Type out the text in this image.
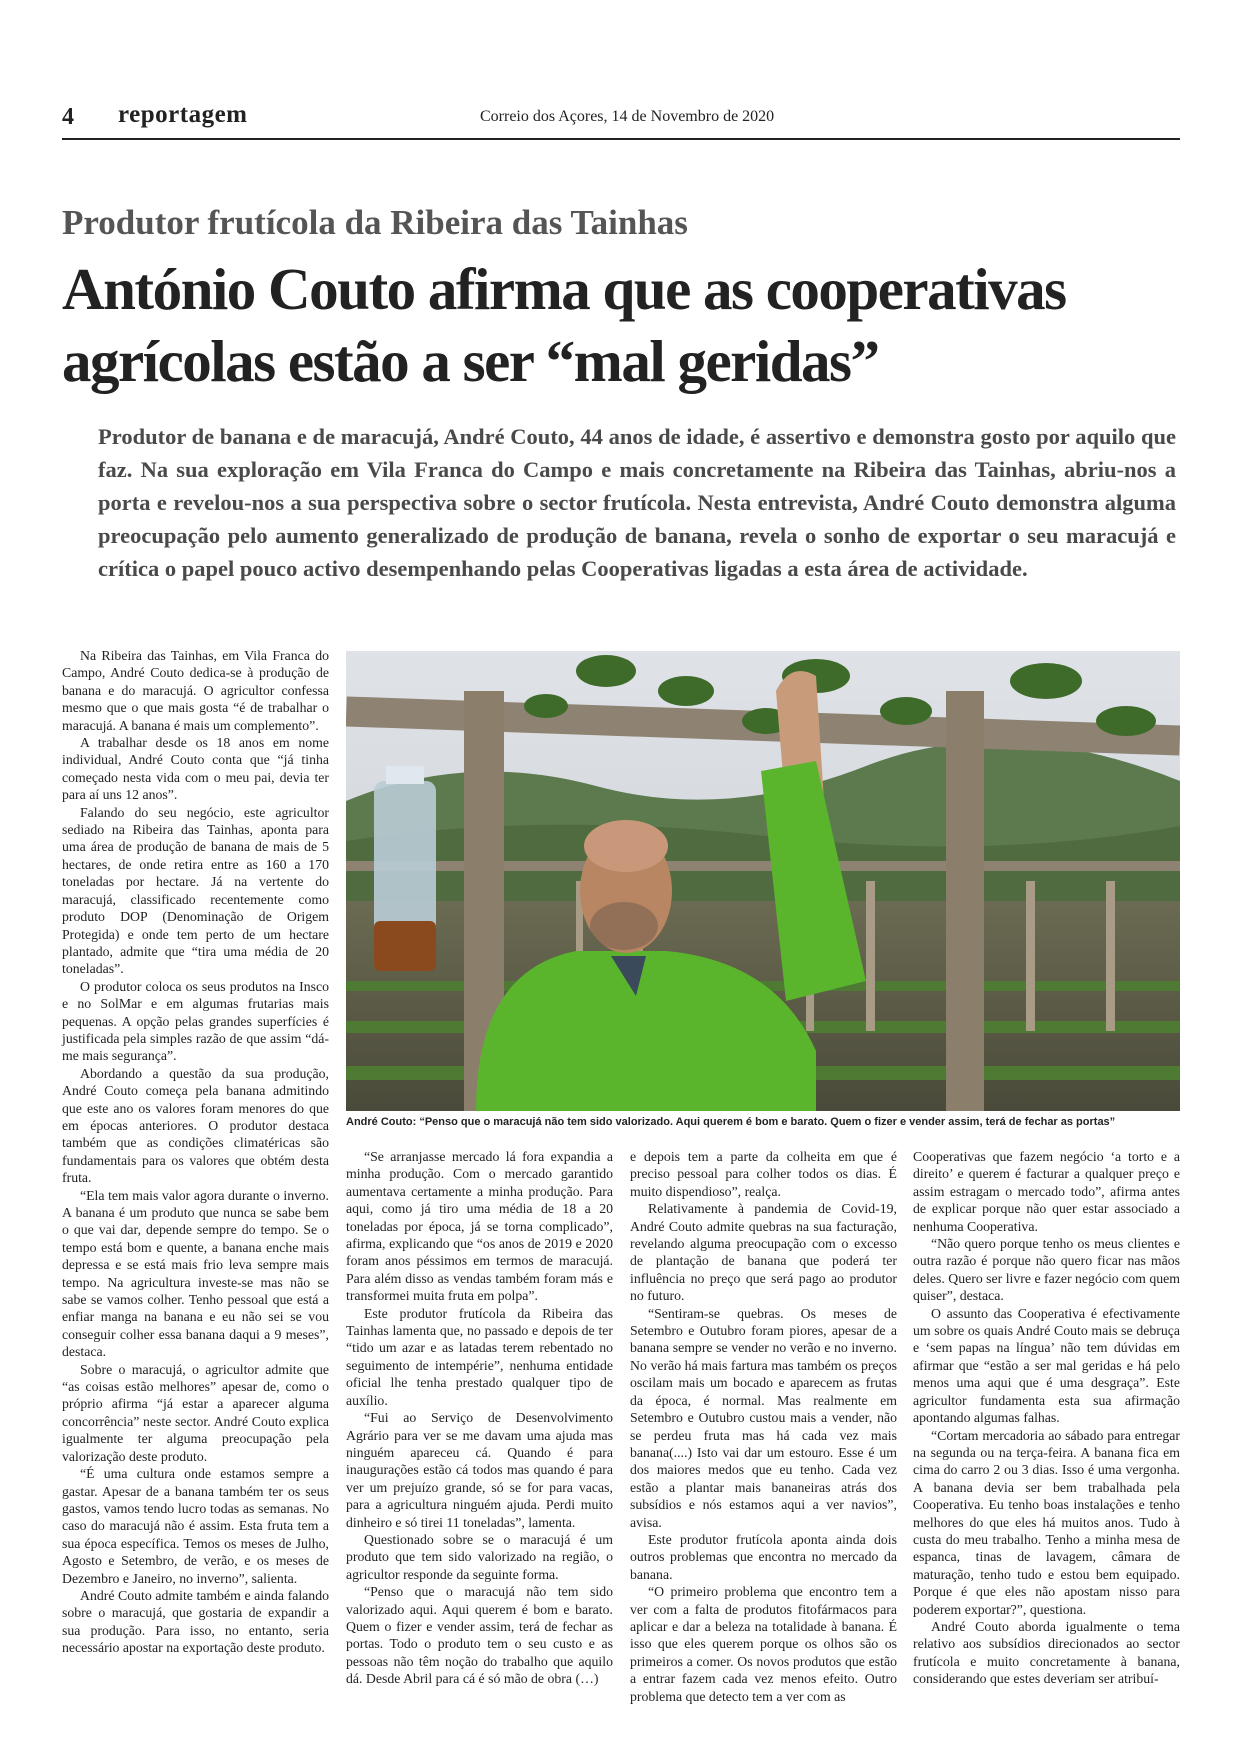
4 reportagem	Correio dos Açores, 14 de Novembro de 2020
Produtor frutícola da Ribeira das Tainhas
António Couto afirma que as cooperativas agrícolas estão a ser “mal geridas”

Produtor de banana e de maracujá, André Couto, 44 anos de idade, é assertivo e demonstra gosto por aquilo que faz. Na sua exploração em Vila Franca do Campo e mais concretamente na Ribeira das Tainhas, abriu-nos a porta e revelou-nos a sua perspectiva sobre o sector frutícola. Nesta entrevista, André Couto demonstra alguma preocupação pelo aumento generalizado de produção de banana, revela o sonho de exportar o seu maracujá e crítica o papel pouco activo desempenhando pelas Cooperativas ligadas a esta área de actividade.

Na Ribeira das Tainhas, em Vila Franca do Campo, André Couto dedica-se à produção de banana e do maracujá. O agricultor confessa mesmo que o que mais gosta “é de trabalhar o maracujá. A banana é mais um complemento”.

A trabalhar desde os 18 anos em nome individual, André Couto conta que “já tinha começado nesta vida com o meu pai, devia ter para aí uns 12 anos”.

Falando do seu negócio, este agricultor sediado na Ribeira das Tainhas, aponta para uma área de produção de banana de mais de 5 hectares, de onde retira entre as 160 a 170 toneladas por hectare. Já na vertente do maracujá, classificado recentemente como produto DOP (Denominação de Origem Protegida) e onde tem perto de um hectare plantado, admite que “tira uma média de 20 toneladas”.

O produtor coloca os seus produtos na Insco e no SolMar e em algumas frutarias mais pequenas. A opção pelas grandes superfícies é justificada pela simples razão de que assim “dá-me mais segurança”.

Abordando a questão da sua produção, André Couto começa pela banana admitindo que este ano os valores foram menores do que em épocas anteriores. O produtor destaca também que as condições climatéricas são fundamentais para os valores que obtém desta fruta.

“Ela tem mais valor agora durante o inverno. A banana é um produto que nunca se sabe bem o que vai dar, depende sempre do tempo. Se o tempo está bom e quente, a banana enche mais depressa e se está mais frio leva sempre mais tempo. Na agricultura investe-se mas não se sabe se vamos colher. Tenho pessoal que está a enfiar manga na banana e eu não sei se vou conseguir colher essa banana daqui a 9 meses”, destaca.

Sobre o maracujá, o agricultor admite que “as coisas estão melhores” apesar de, como o próprio afirma “já estar a aparecer alguma concorrência” neste sector. André Couto explica igualmente ter alguma preocupação pela valorização deste produto.

“É uma cultura onde estamos sempre a gastar. Apesar de a banana também ter os seus gastos, vamos tendo lucro todas as semanas. No caso do maracujá não é assim. Esta fruta tem a sua época específica. Temos os meses de Julho, Agosto e Setembro, de verão, e os meses de Dezembro e Janeiro, no inverno”, salienta.

André Couto admite também e ainda falando sobre o maracujá, que gostaria de expandir a sua produção. Para isso, no entanto, seria necessário apostar na exportação deste produto.

André Couto: “Penso que o maracujá não tem sido valorizado. Aqui querem é bom e barato. Quem o fizer e vender assim, terá de fechar as portas”

“Se arranjasse mercado lá fora expandia a minha produção. Com o mercado garantido aumentava certamente a minha produção. Para aqui, como já tiro uma média de 18 a 20 toneladas por época, já se torna complicado”, afirma, explicando que “os anos de 2019 e 2020 foram anos péssimos em termos de maracujá. Para além disso as vendas também foram más e transformei muita fruta em polpa”.

Este produtor frutícola da Ribeira das Tainhas lamenta que, no passado e depois de ter “tido um azar e as latadas terem rebentado no seguimento de intempérie”, nenhuma entidade oficial lhe tenha prestado qualquer tipo de auxílio.

“Fui ao Serviço de Desenvolvimento Agrário para ver se me davam uma ajuda mas ninguém apareceu cá. Quando é para inaugurações estão cá todos mas quando é para ver um prejuízo grande, só se for para vacas, para a agricultura ninguém ajuda. Perdi muito dinheiro e só tirei 11 toneladas”, lamenta.

Questionado sobre se o maracujá é um produto que tem sido valorizado na região, o agricultor responde da seguinte forma.

“Penso que o maracujá não tem sido valorizado aqui. Aqui querem é bom e barato. Quem o fizer e vender assim, terá de fechar as portas. Todo o produto tem o seu custo e as pessoas não têm noção do trabalho que aquilo dá. Desde Abril para cá é só mão de obra (…)

e depois tem a parte da colheita em que é preciso pessoal para colher todos os dias. É muito dispendioso”, realça.

Relativamente à pandemia de Covid-19, André Couto admite quebras na sua facturação, revelando alguma preocupação com o excesso de plantação de banana que poderá ter influência no preço que será pago ao produtor no futuro.

“Sentiram-se quebras. Os meses de Setembro e Outubro foram piores, apesar de a banana sempre se vender no verão e no inverno. No verão há mais fartura mas também os preços oscilam mais um bocado e aparecem as frutas da época, é normal. Mas realmente em Setembro e Outubro custou mais a vender, não se perdeu fruta mas há cada vez mais banana(....) Isto vai dar um estouro. Esse é um dos maiores medos que eu tenho. Cada vez estão a plantar mais bananeiras atrás dos subsídios e nós estamos aqui a ver navios”, avisa.

Este produtor frutícola aponta ainda dois outros problemas que encontra no mercado da banana.

“O primeiro problema que encontro tem a ver com a falta de produtos fitofármacos para aplicar e dar a beleza na totalidade à banana. É isso que eles querem porque os olhos são os primeiros a comer. Os novos produtos que estão a entrar fazem cada vez menos efeito. Outro problema que detecto tem a ver com as

Cooperativas que fazem negócio ‘a torto e a direito’ e querem é facturar a qualquer preço e assim estragam o mercado todo”, afirma antes de explicar porque não quer estar associado a nenhuma Cooperativa.

“Não quero porque tenho os meus clientes e outra razão é porque não quero ficar nas mãos deles. Quero ser livre e fazer negócio com quem quiser”, destaca.

O assunto das Cooperativa é efectivamente um sobre os quais André Couto mais se debruça e ‘sem papas na língua’ não tem dúvidas em afirmar que “estão a ser mal geridas e há pelo menos uma aqui que é uma desgraça”. Este agricultor fundamenta esta sua afirmação apontando algumas falhas.

“Cortam mercadoria ao sábado para entregar na segunda ou na terça-feira. A banana fica em cima do carro 2 ou 3 dias. Isso é uma vergonha. A banana devia ser bem trabalhada pela Cooperativa. Eu tenho boas instalações e tenho melhores do que eles há muitos anos. Tudo à custa do meu trabalho. Tenho a minha mesa de espanca, tinas de lavagem, câmara de maturação, tenho tudo e estou bem equipado. Porque é que eles não apostam nisso para poderem exportar?”, questiona.

André Couto aborda igualmente o tema relativo aos subsídios direcionados ao sector frutícola e muito concretamente à banana, considerando que estes deveriam ser atribuí-
